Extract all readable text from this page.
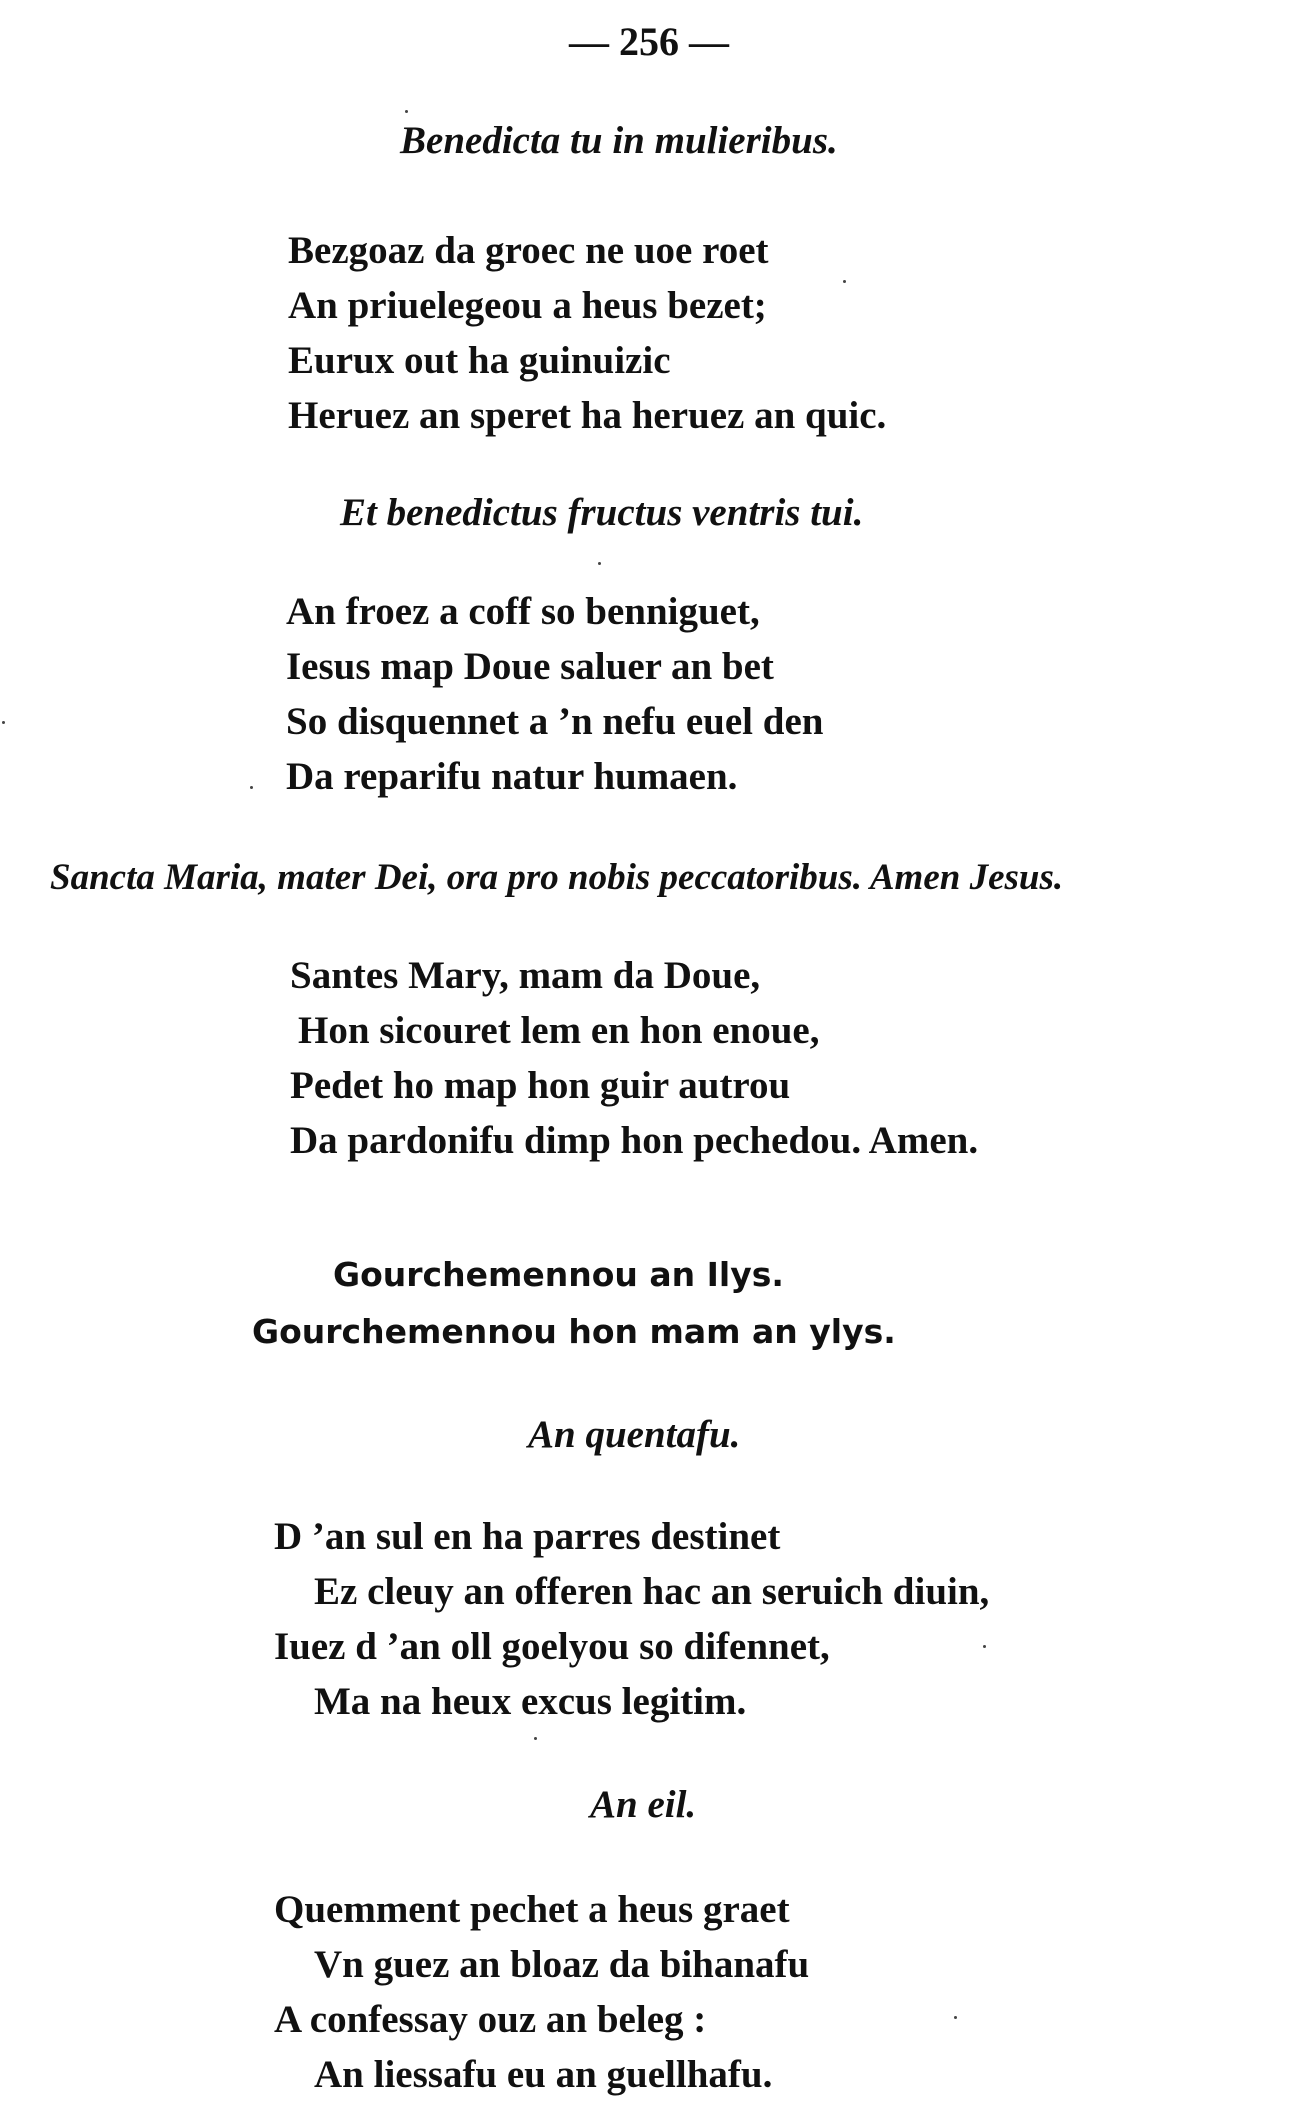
— 256 —
Benedicta tu in mulieribus.
Bezgoaz da groec ne uoe roet
An priuelegeou a heus bezet;
Eurux out ha guinuizic
Heruez an speret ha heruez an quic.
Et benedictus fructus ventris tui.
An froez a coff so benniguet,
Iesus map Doue saluer an bet
So disquennet a ’n nefu euel den
Da reparifu natur humaen.
Sancta Maria, mater Dei, ora pro nobis peccatoribus. Amen Jesus.
Santes Mary, mam da Doue,
Hon sicouret lem en hon enoue,
Pedet ho map hon guir autrou
Da pardonifu dimp hon pechedou. Amen.
Gourchemennou an Ilys.
Gourchemennou hon mam an ylys.
An quentafu.
D ’an sul en ha parres destinet
Ez cleuy an offeren hac an seruich diuin,
Iuez d ’an oll goelyou so difennet,
Ma na heux excus legitim.
An eil.
Quemment pechet a heus graet
Vn guez an bloaz da bihanafu
A confessay ouz an beleg :
An liessafu eu an guellhafu.
